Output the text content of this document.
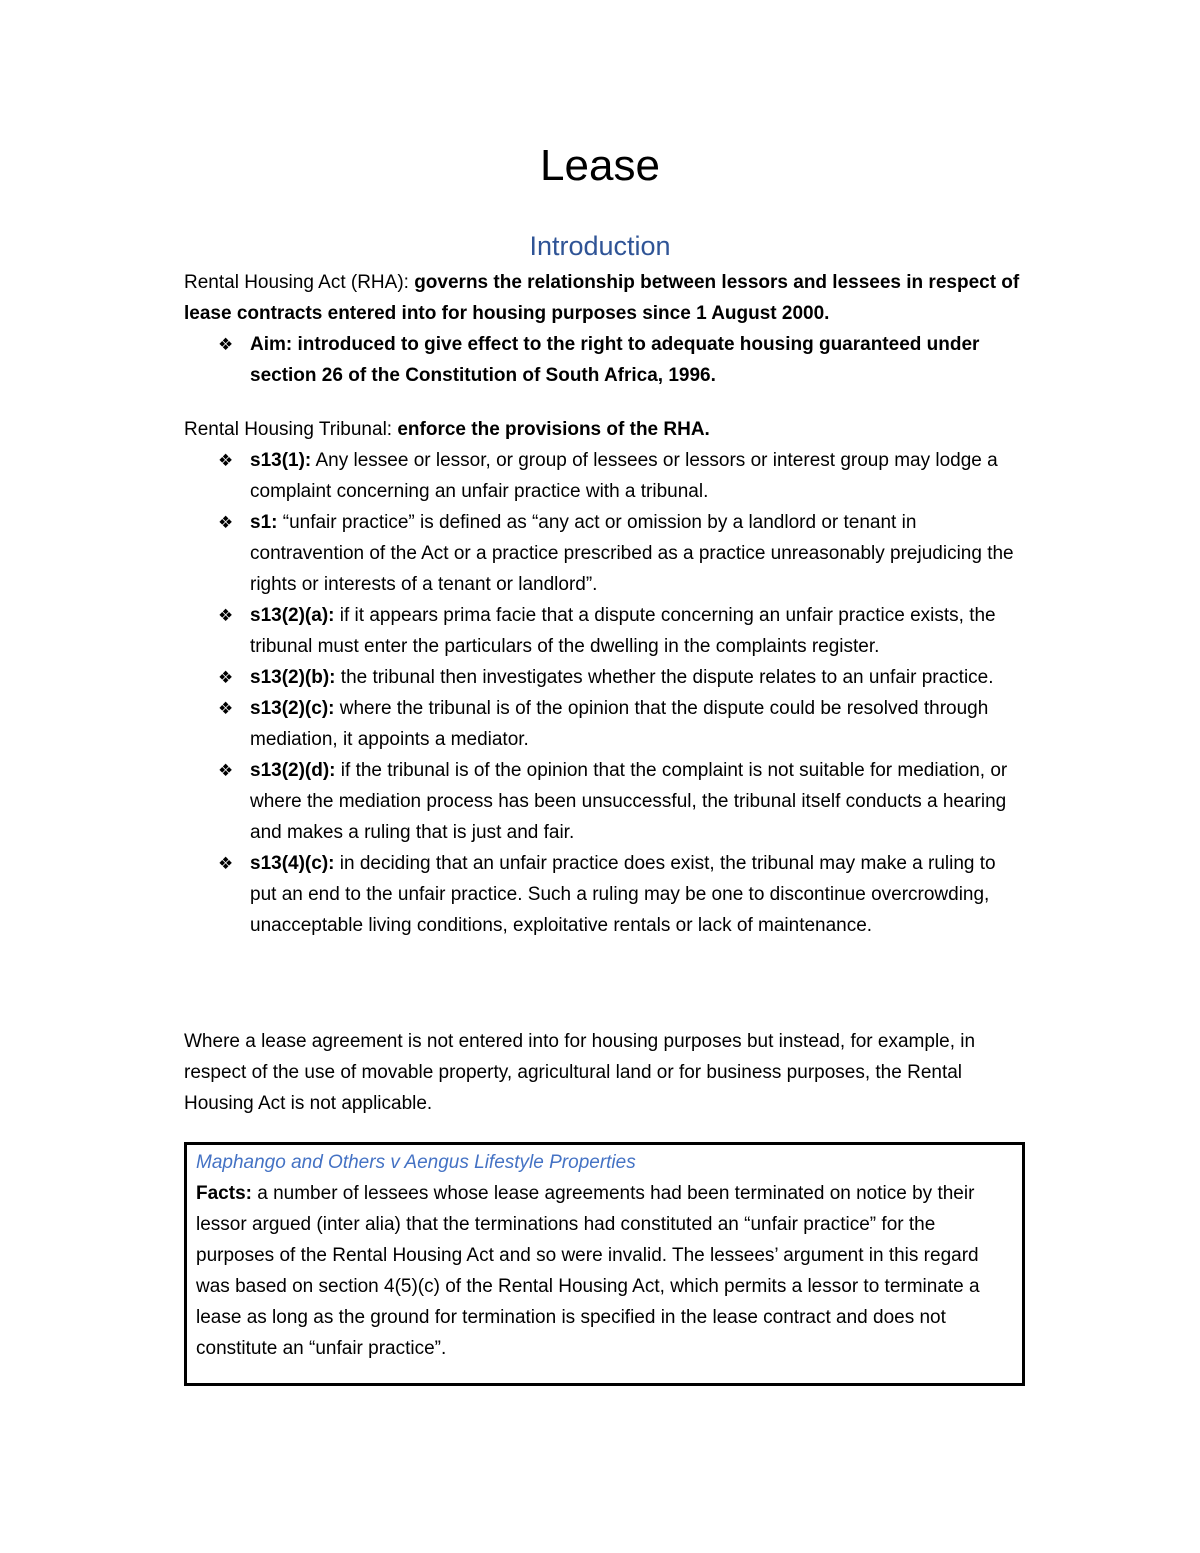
Lease
Introduction

Rental Housing Act (RHA): governs the relationship between lessors and lessees in respect of lease contracts entered into for housing purposes since 1 August 2000.

❖ Aim: introduced to give effect to the right to adequate housing guaranteed under section 26 of the Constitution of South Africa, 1996.

Rental Housing Tribunal: enforce the provisions of the RHA.

❖ s13(1): Any lessee or lessor, or group of lessees or lessors or interest group may lodge a complaint concerning an unfair practice with a tribunal.
❖ s1: “unfair practice” is defined as “any act or omission by a landlord or tenant in contravention of the Act or a practice prescribed as a practice unreasonably prejudicing the rights or interests of a tenant or landlord”.
❖ s13(2)(a): if it appears prima facie that a dispute concerning an unfair practice exists, the tribunal must enter the particulars of the dwelling in the complaints register.
❖ s13(2)(b): the tribunal then investigates whether the dispute relates to an unfair practice.
❖ s13(2)(c): where the tribunal is of the opinion that the dispute could be resolved through mediation, it appoints a mediator.
❖ s13(2)(d): if the tribunal is of the opinion that the complaint is not suitable for mediation, or where the mediation process has been unsuccessful, the tribunal itself conducts a hearing and makes a ruling that is just and fair.
❖ s13(4)(c): in deciding that an unfair practice does exist, the tribunal may make a ruling to put an end to the unfair practice. Such a ruling may be one to discontinue overcrowding, unacceptable living conditions, exploitative rentals or lack of maintenance.

Where a lease agreement is not entered into for housing purposes but instead, for example, in respect of the use of movable property, agricultural land or for business purposes, the Rental Housing Act is not applicable.

Maphango and Others v Aengus Lifestyle Properties

Facts: a number of lessees whose lease agreements had been terminated on notice by their lessor argued (inter alia) that the terminations had constituted an “unfair practice” for the purposes of the Rental Housing Act and so were invalid. The lessees’ argument in this regard was based on section 4(5)(c) of the Rental Housing Act, which permits a lessor to terminate a lease as long as the ground for termination is specified in the lease contract and does not constitute an “unfair practice”.
